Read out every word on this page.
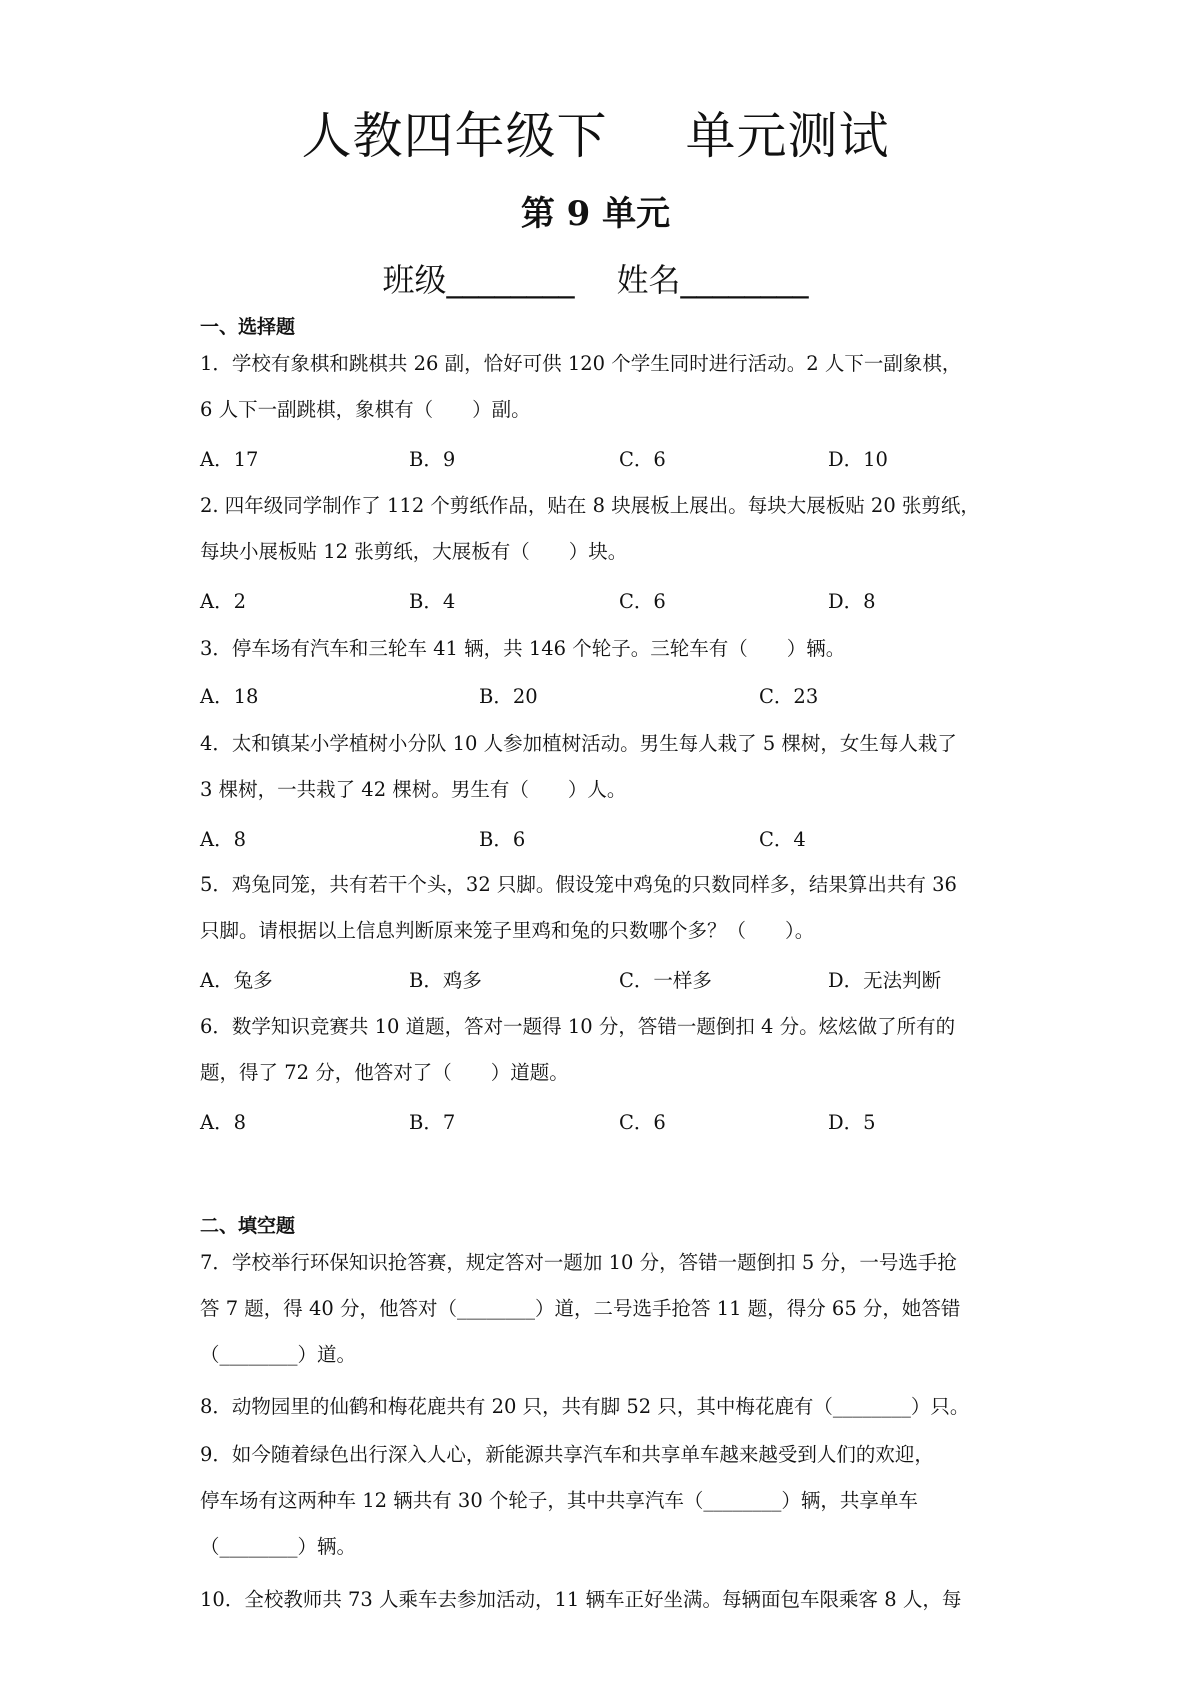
人教四年级下 单元测试
第 9 单元
班级________ 姓名________
一、选择题
1．学校有象棋和跳棋共 26 副，恰好可供 120 个学生同时进行活动。2 人下一副象棋，
6 人下一副跳棋，象棋有（　　）副。
A．17	B．9	C．6	D．10
2. 四年级同学制作了 112 个剪纸作品，贴在 8 块展板上展出。每块大展板贴 20 张剪纸，
每块小展板贴 12 张剪纸，大展板有（　　）块。
A．2	B．4	C．6	D．8
3．停车场有汽车和三轮车 41 辆，共 146 个轮子。三轮车有（　　）辆。
A．18	B．20	C．23
4．太和镇某小学植树小分队 10 人参加植树活动。男生每人栽了 5 棵树，女生每人栽了
3 棵树，一共栽了 42 棵树。男生有（　　）人。
A．8	B．6	C．4
5．鸡兔同笼，共有若干个头，32 只脚。假设笼中鸡兔的只数同样多，结果算出共有 36
只脚。请根据以上信息判断原来笼子里鸡和兔的只数哪个多？（　　）。
A．兔多	B．鸡多	C．一样多	D．无法判断
6．数学知识竞赛共 10 道题，答对一题得 10 分，答错一题倒扣 4 分。炫炫做了所有的
题，得了 72 分，他答对了（　　）道题。
A．8	B．7	C．6	D．5
二、填空题
7．学校举行环保知识抢答赛，规定答对一题加 10 分，答错一题倒扣 5 分，一号选手抢
答 7 题，得 40 分，他答对（________）道，二号选手抢答 11 题，得分 65 分，她答错
（________）道。
8．动物园里的仙鹤和梅花鹿共有 20 只，共有脚 52 只，其中梅花鹿有（________）只。
9．如今随着绿色出行深入人心，新能源共享汽车和共享单车越来越受到人们的欢迎，
停车场有这两种车 12 辆共有 30 个轮子，其中共享汽车（________）辆，共享单车
（________）辆。
10．全校教师共 73 人乘车去参加活动，11 辆车正好坐满。每辆面包车限乘客 8 人，每
